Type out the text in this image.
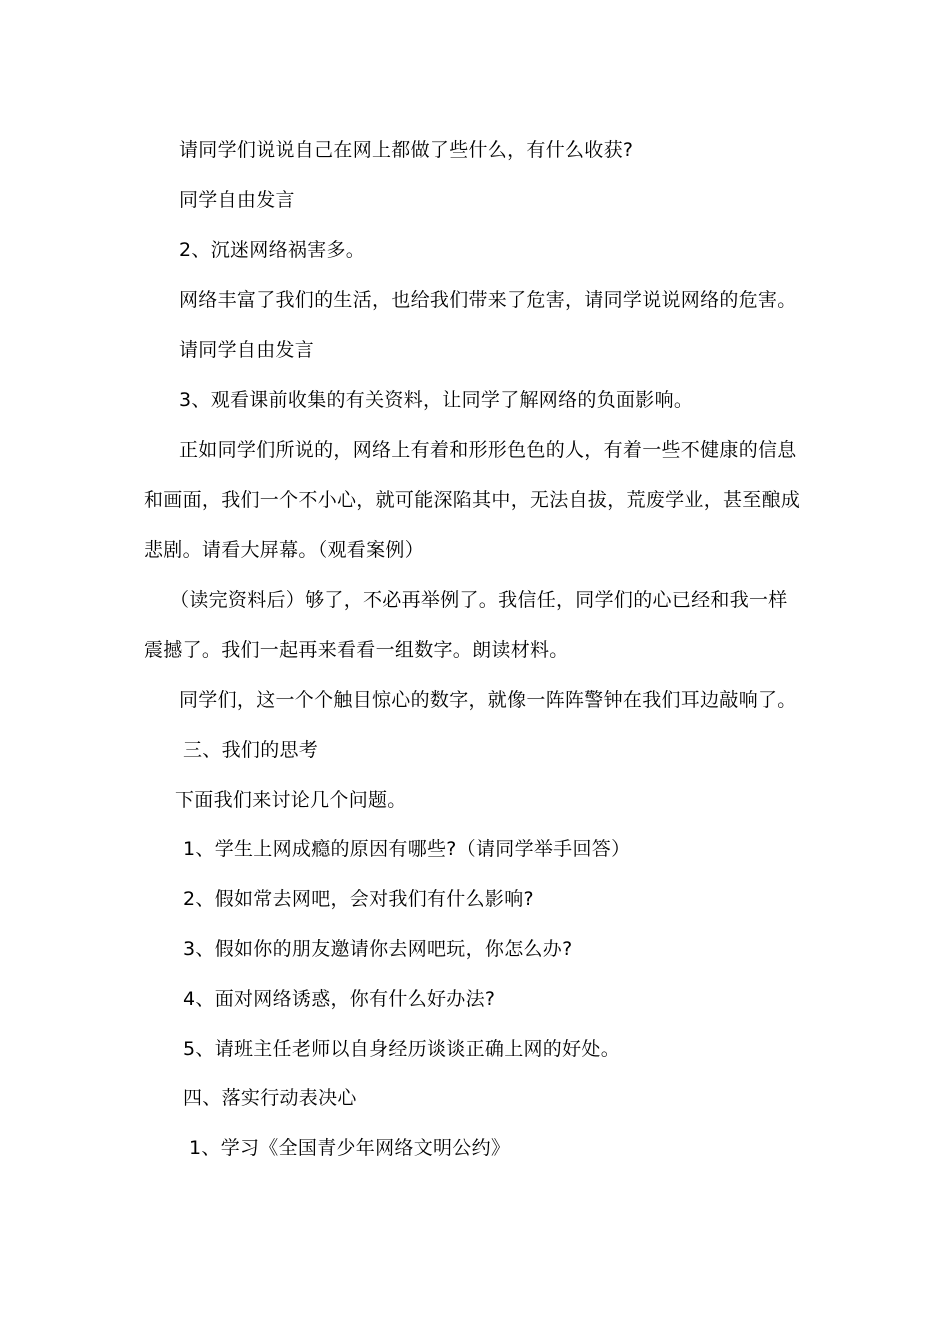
请同学们说说自己在网上都做了些什么，有什么收获?
同学自由发言
2、沉迷网络祸害多。
网络丰富了我们的生活，也给我们带来了危害，请同学说说网络的危害。
请同学自由发言
3、观看课前收集的有关资料，让同学了解网络的负面影响。
正如同学们所说的，网络上有着和形形色色的人，有着一些不健康的信息
和画面，我们一个不小心，就可能深陷其中，无法自拔，荒废学业，甚至酿成
悲剧。请看大屏幕。（观看案例）
（读完资料后）够了，不必再举例了。我信任，同学们的心已经和我一样
震撼了。我们一起再来看看一组数字。朗读材料。
同学们，这一个个触目惊心的数字，就像一阵阵警钟在我们耳边敲响了。
三、我们的思考
下面我们来讨论几个问题。
1、学生上网成瘾的原因有哪些?（请同学举手回答）
2、假如常去网吧，会对我们有什么影响?
3、假如你的朋友邀请你去网吧玩，你怎么办?
4、面对网络诱惑，你有什么好办法?
5、请班主任老师以自身经历谈谈正确上网的好处。
四、落实行动表决心
1、学习《全国青少年网络文明公约》
